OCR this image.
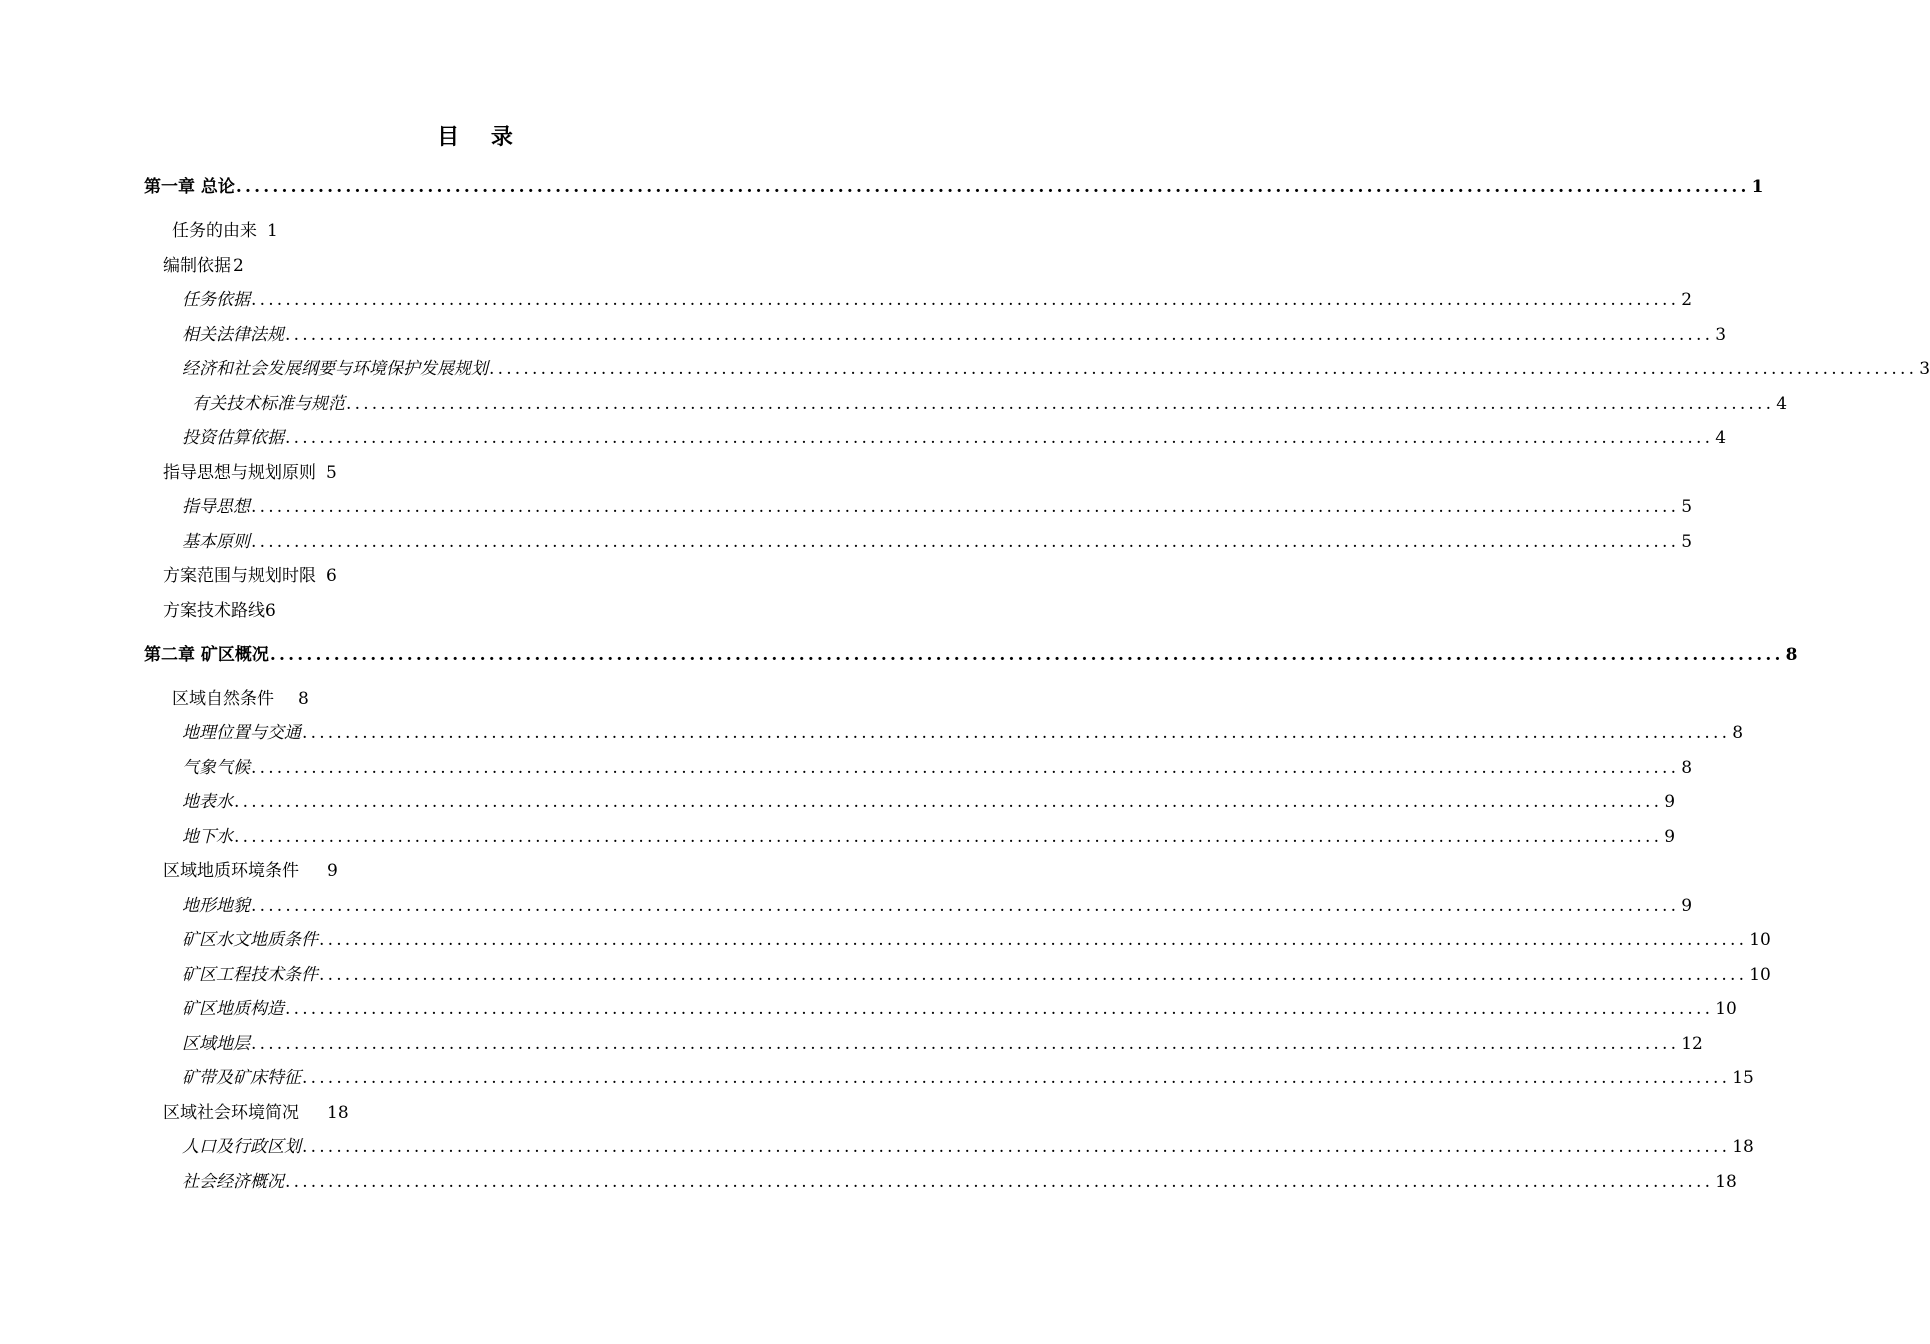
目 录
第一章 总论 ...................................................................................................................................................................... 1
任务的由来 1
编制依据 2
任务依据 ...................................................................................................................................................................... 2
相关法律法规 ...................................................................................................................................................................... 3
经济和社会发展纲要与环境保护发展规划 ...................................................................................................................................................................... 3
有关技术标准与规范 ...................................................................................................................................................................... 4
投资估算依据 ...................................................................................................................................................................... 4
指导思想与规划原则 5
指导思想 ...................................................................................................................................................................... 5
基本原则 ...................................................................................................................................................................... 5
方案范围与规划时限 6
方案技术路线 6
第二章 矿区概况 ...................................................................................................................................................................... 8
区域自然条件 8
地理位置与交通 ...................................................................................................................................................................... 8
气象气候 ...................................................................................................................................................................... 8
地表水 ...................................................................................................................................................................... 9
地下水 ...................................................................................................................................................................... 9
区域地质环境条件 9
地形地貌 ...................................................................................................................................................................... 9
矿区水文地质条件 ...................................................................................................................................................................... 10
矿区工程技术条件 ...................................................................................................................................................................... 10
矿区地质构造 ...................................................................................................................................................................... 10
区域地层 ...................................................................................................................................................................... 12
矿带及矿床特征 ...................................................................................................................................................................... 15
区域社会环境简况 18
人口及行政区划 ...................................................................................................................................................................... 18
社会经济概况 ...................................................................................................................................................................... 18
